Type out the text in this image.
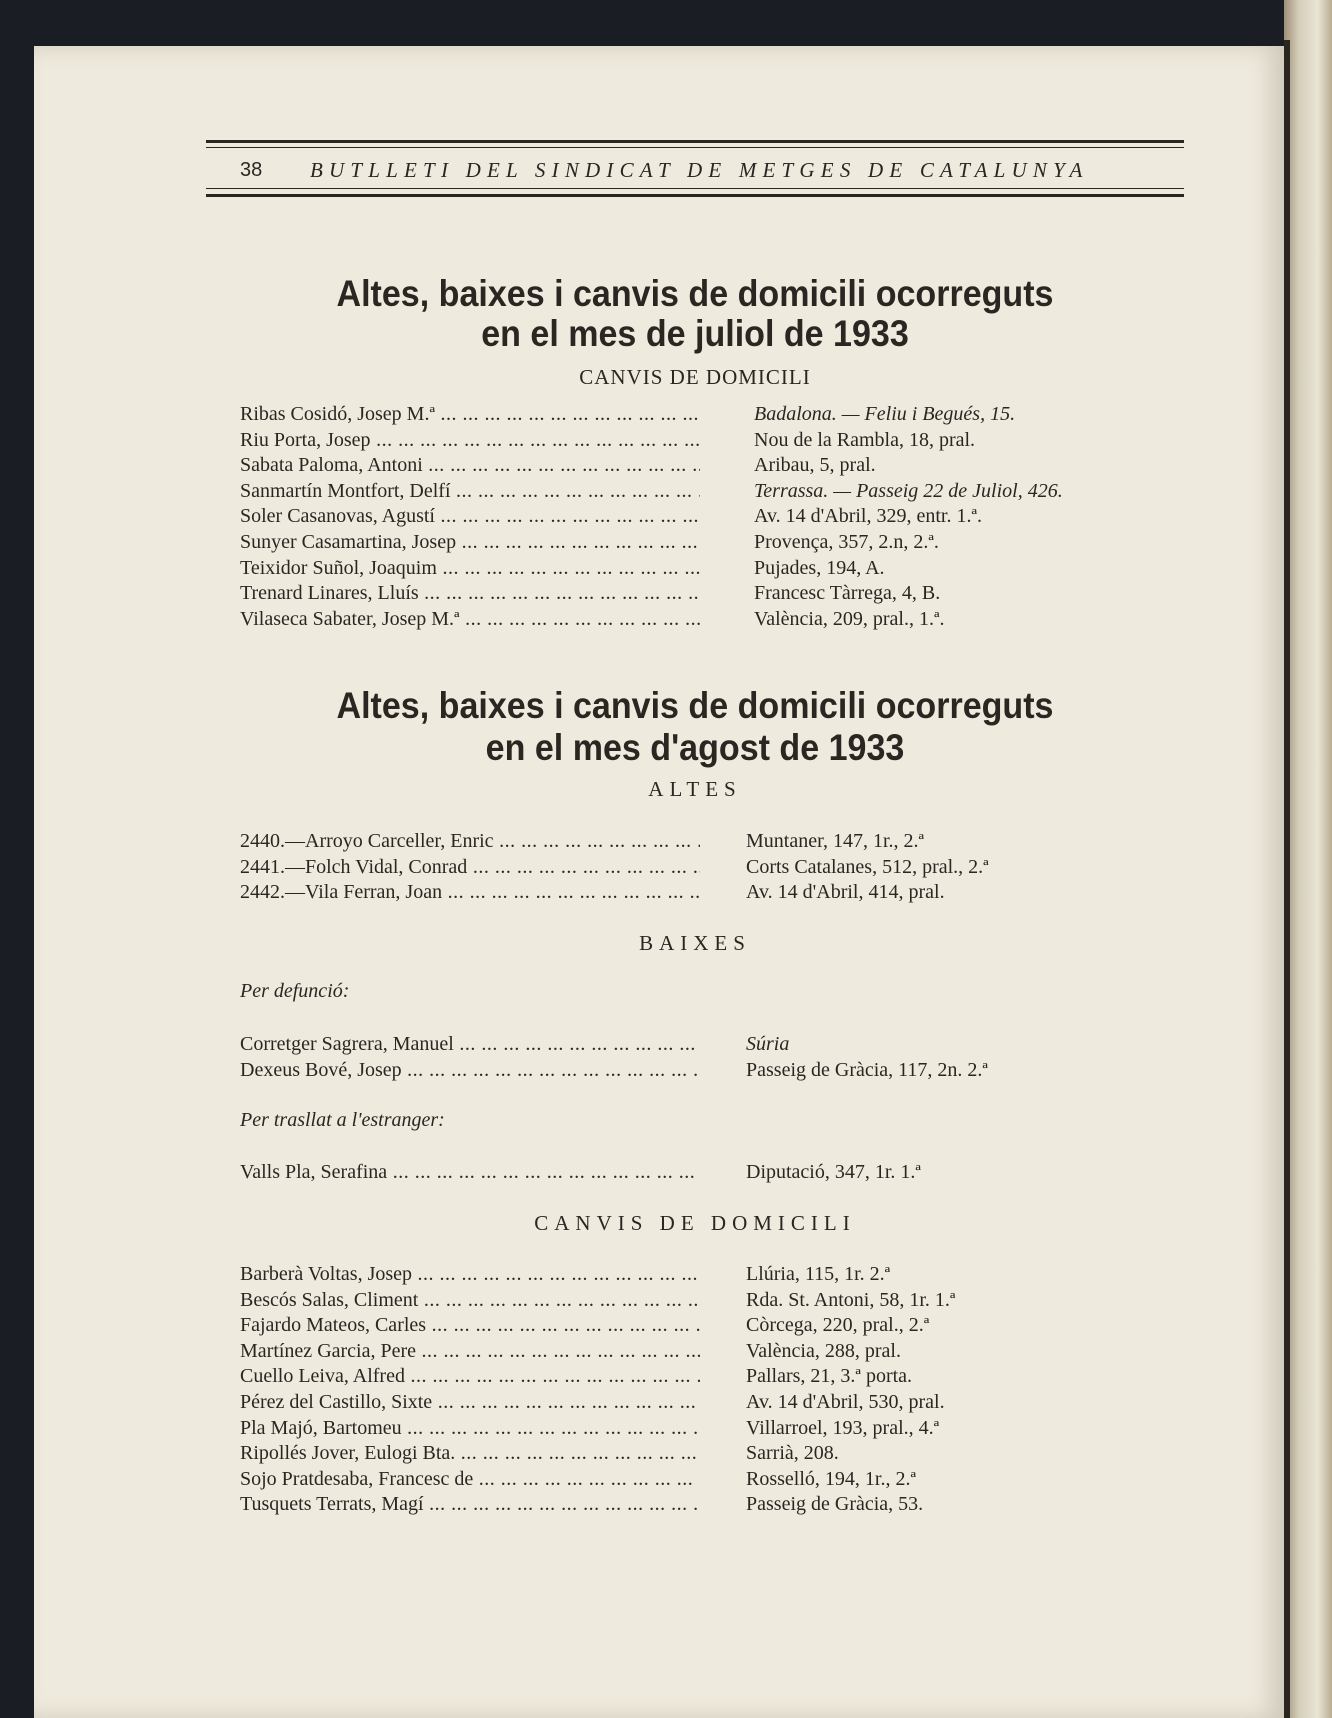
38 BUTLLETI DEL SINDICAT DE METGES DE CATALUNYA
Altes, baixes i canvis de domicili ocorreguts
en el mes de juliol de 1933
CANVIS DE DOMICILI
Ribas Cosidó, Josep M.ª ... .	Badalona. — Feliu i Begués, 15.
Riu Porta, Josep ... .	Nou de la Rambla, 18, pral.
Sabata Paloma, Antoni ... .	Aribau, 5, pral.
Sanmartín Montfort, Delfí ... .	Terrassa. — Passeig 22 de Juliol, 426.
Soler Casanovas, Agustí ... .	Av. 14 d'Abril, 329, entr. 1.ª.
Sunyer Casamartina, Josep ... .	Provença, 357, 2.n, 2.ª.
Teixidor Suñol, Joaquim ... .	Pujades, 194, A.
Trenard Linares, Lluís ... .	Francesc Tàrrega, 4, B.
Vilaseca Sabater, Josep M.ª ... .	València, 209, pral., 1.ª.
Altes, baixes i canvis de domicili ocorreguts
en el mes d'agost de 1933
ALTES
2440.—Arroyo Carceller, Enric ... .	Muntaner, 147, 1r., 2.ª
2441.—Folch Vidal, Conrad ... .	Corts Catalanes, 512, pral., 2.ª
2442.—Vila Ferran, Joan ... .	Av. 14 d'Abril, 414, pral.
BAIXES
Per defunció:
Corretger Sagrera, Manuel ... .	Súria
Dexeus Bové, Josep ... .	Passeig de Gràcia, 117, 2n. 2.ª
Per trasllat a l'estranger:
Valls Pla, Serafina ... .	Diputació, 347, 1r. 1.ª
CANVIS DE DOMICILI
Barberà Voltas, Josep ... .	Llúria, 115, 1r. 2.ª
Bescós Salas, Climent ... .	Rda. St. Antoni, 58, 1r. 1.ª
Fajardo Mateos, Carles ... .	Còrcega, 220, pral., 2.ª
Martínez Garcia, Pere ... .	València, 288, pral.
Cuello Leiva, Alfred ... .	Pallars, 21, 3.ª porta.
Pérez del Castillo, Sixte ... .	Av. 14 d'Abril, 530, pral.
Pla Majó, Bartomeu ... .	Villarroel, 193, pral., 4.ª
Ripollés Jover, Eulogi Bta. ... .	Sarrià, 208.
Sojo Pratdesaba, Francesc de ... .	Rosselló, 194, 1r., 2.ª
Tusquets Terrats, Magí ... .	Passeig de Gràcia, 53.
